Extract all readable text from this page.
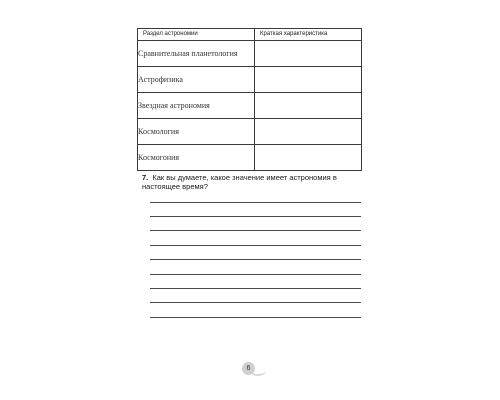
Раздел астрономии	Краткая характеристика
Сравнительная планетология	
Астрофизика	
Звездная астрономия	
Космология	
Космогония	
7. Как вы думаете, какое значение имеет астрономия в настоящее время?
6
